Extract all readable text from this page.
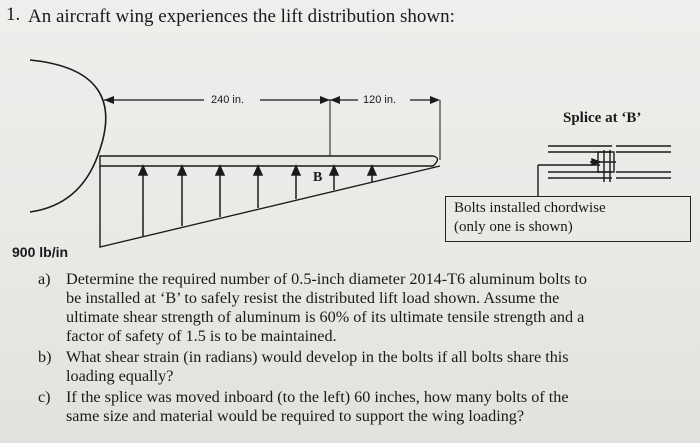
1. An aircraft wing experiences the lift distribution shown:
240 in.	120 in.
B
900 lb/in
Splice at ‘B’
Bolts installed chordwise
(only one is shown)
a) Determine the required number of 0.5-inch diameter 2014-T6 aluminum bolts to
be installed at ‘B’ to safely resist the distributed lift load shown. Assume the
ultimate shear strength of aluminum is 60% of its ultimate tensile strength and a
factor of safety of 1.5 is to be maintained.
b) What shear strain (in radians) would develop in the bolts if all bolts share this
loading equally?
c) If the splice was moved inboard (to the left) 60 inches, how many bolts of the
same size and material would be required to support the wing loading?
